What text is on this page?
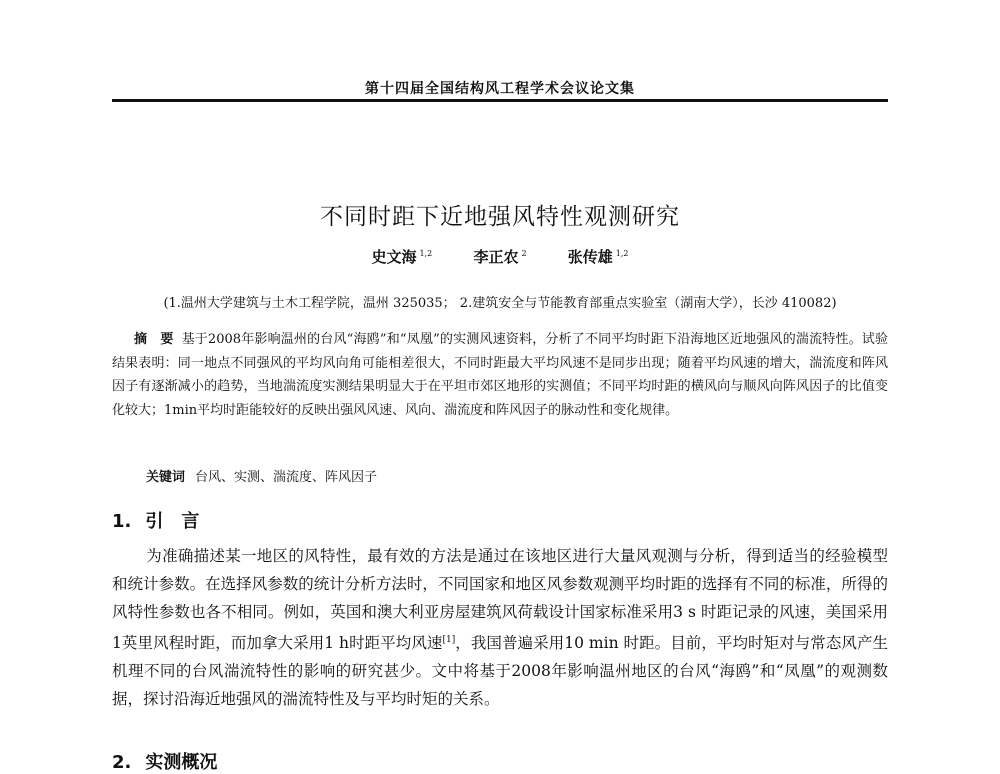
第十四届全国结构风工程学术会议论文集
不同时距下近地强风特性观测研究
史文海 $^{1,2}$	李正农 $^2$	张传雄 $^{1,2}$
(1.温州大学建筑与土木工程学院，温州 325035； 2.建筑安全与节能教育部重点实验室（湖南大学），长沙 410082)
摘　要 基于2008年影响温州的台风“海鸥”和“凤凰”的实测风速资料，分析了不同平均时距下沿海地区近地强风的湍流特性。试验结果表明：同一地点不同强风的平均风向角可能相差很大，不同时距最大平均风速不是同步出现；随着平均风速的增大，湍流度和阵风因子有逐渐减小的趋势，当地湍流度实测结果明显大于在平坦市郊区地形的实测值；不同平均时距的横风向与顺风向阵风因子的比值变化较大；1min平均时距能较好的反映出强风风速、风向、湍流度和阵风因子的脉动性和变化规律。
关键词 台风、实测、湍流度、阵风因子
1. 引　言
为准确描述某一地区的风特性，最有效的方法是通过在该地区进行大量风观测与分析，得到适当的经验模型和统计参数。在选择风参数的统计分析方法时，不同国家和地区风参数观测平均时距的选择有不同的标准，所得的风特性参数也各不相同。例如，英国和澳大利亚房屋建筑风荷载设计国家标准采用3 s 时距记录的风速，美国采用1英里风程时距，而加拿大采用1 h时距平均风速[1]，我国普遍采用10 min 时距。目前，平均时矩对与常态风产生机理不同的台风湍流特性的影响的研究甚少。文中将基于2008年影响温州地区的台风“海鸥”和“凤凰”的观测数据，探讨沿海近地强风的湍流特性及与平均时矩的关系。
2. 实测概况
